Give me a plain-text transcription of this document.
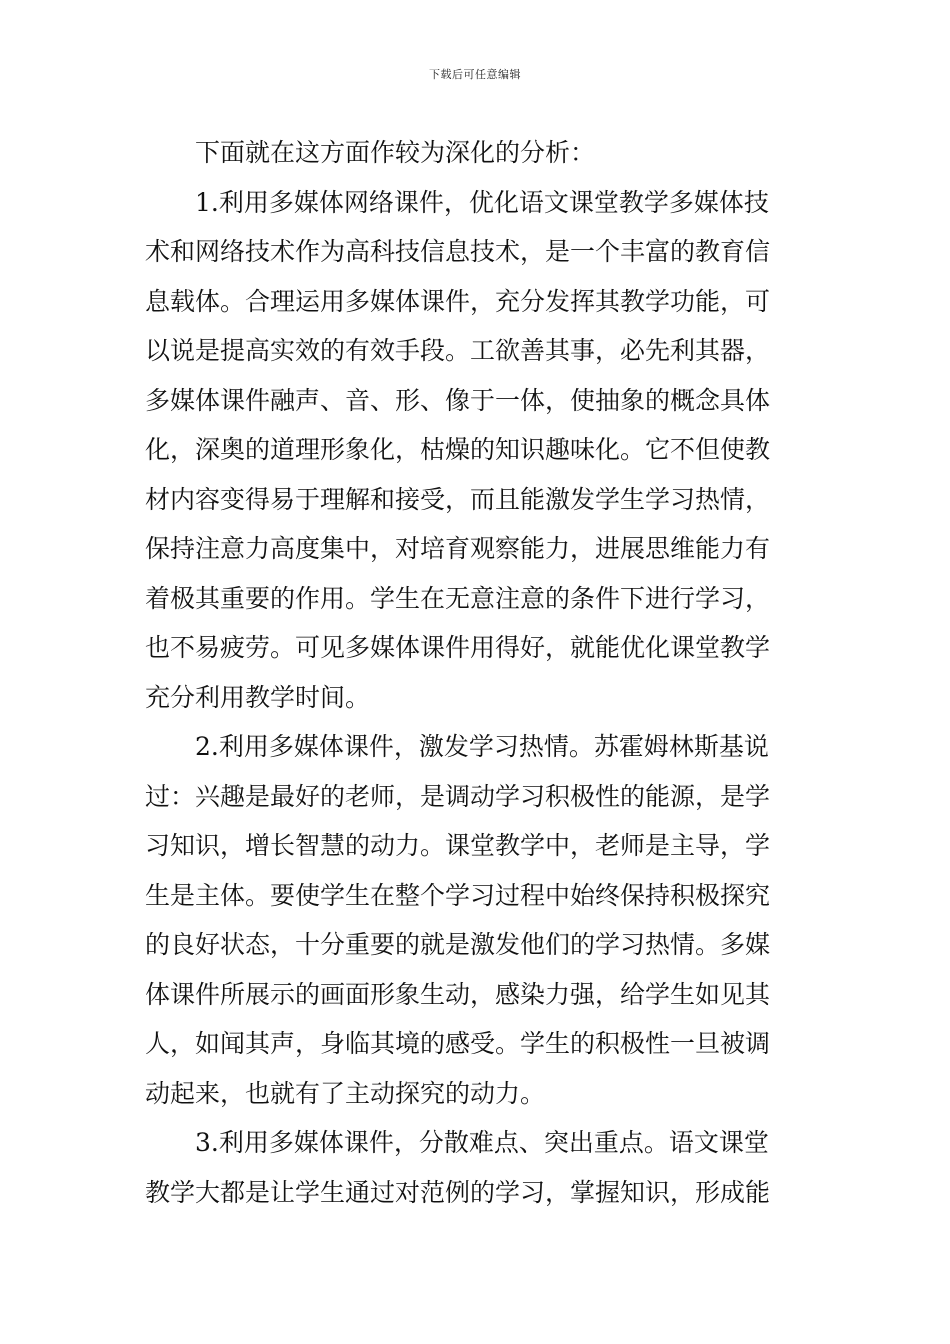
下载后可任意编辑
下面就在这方面作较为深化的分析：
1.利用多媒体网络课件，优化语文课堂教学多媒体技
术和网络技术作为高科技信息技术，是一个丰富的教育信
息载体。合理运用多媒体课件，充分发挥其教学功能，可
以说是提高实效的有效手段。工欲善其事，必先利其器，
多媒体课件融声、音、形、像于一体，使抽象的概念具体
化，深奥的道理形象化，枯燥的知识趣味化。它不但使教
材内容变得易于理解和接受，而且能激发学生学习热情，
保持注意力高度集中，对培育观察能力，进展思维能力有
着极其重要的作用。学生在无意注意的条件下进行学习，
也不易疲劳。可见多媒体课件用得好，就能优化课堂教学
充分利用教学时间。
2.利用多媒体课件，激发学习热情。苏霍姆林斯基说
过：兴趣是最好的老师，是调动学习积极性的能源，是学
习知识，增长智慧的动力。课堂教学中，老师是主导，学
生是主体。要使学生在整个学习过程中始终保持积极探究
的良好状态，十分重要的就是激发他们的学习热情。多媒
体课件所展示的画面形象生动，感染力强，给学生如见其
人，如闻其声，身临其境的感受。学生的积极性一旦被调
动起来，也就有了主动探究的动力。
3.利用多媒体课件，分散难点、突出重点。语文课堂
教学大都是让学生通过对范例的学习，掌握知识，形成能
